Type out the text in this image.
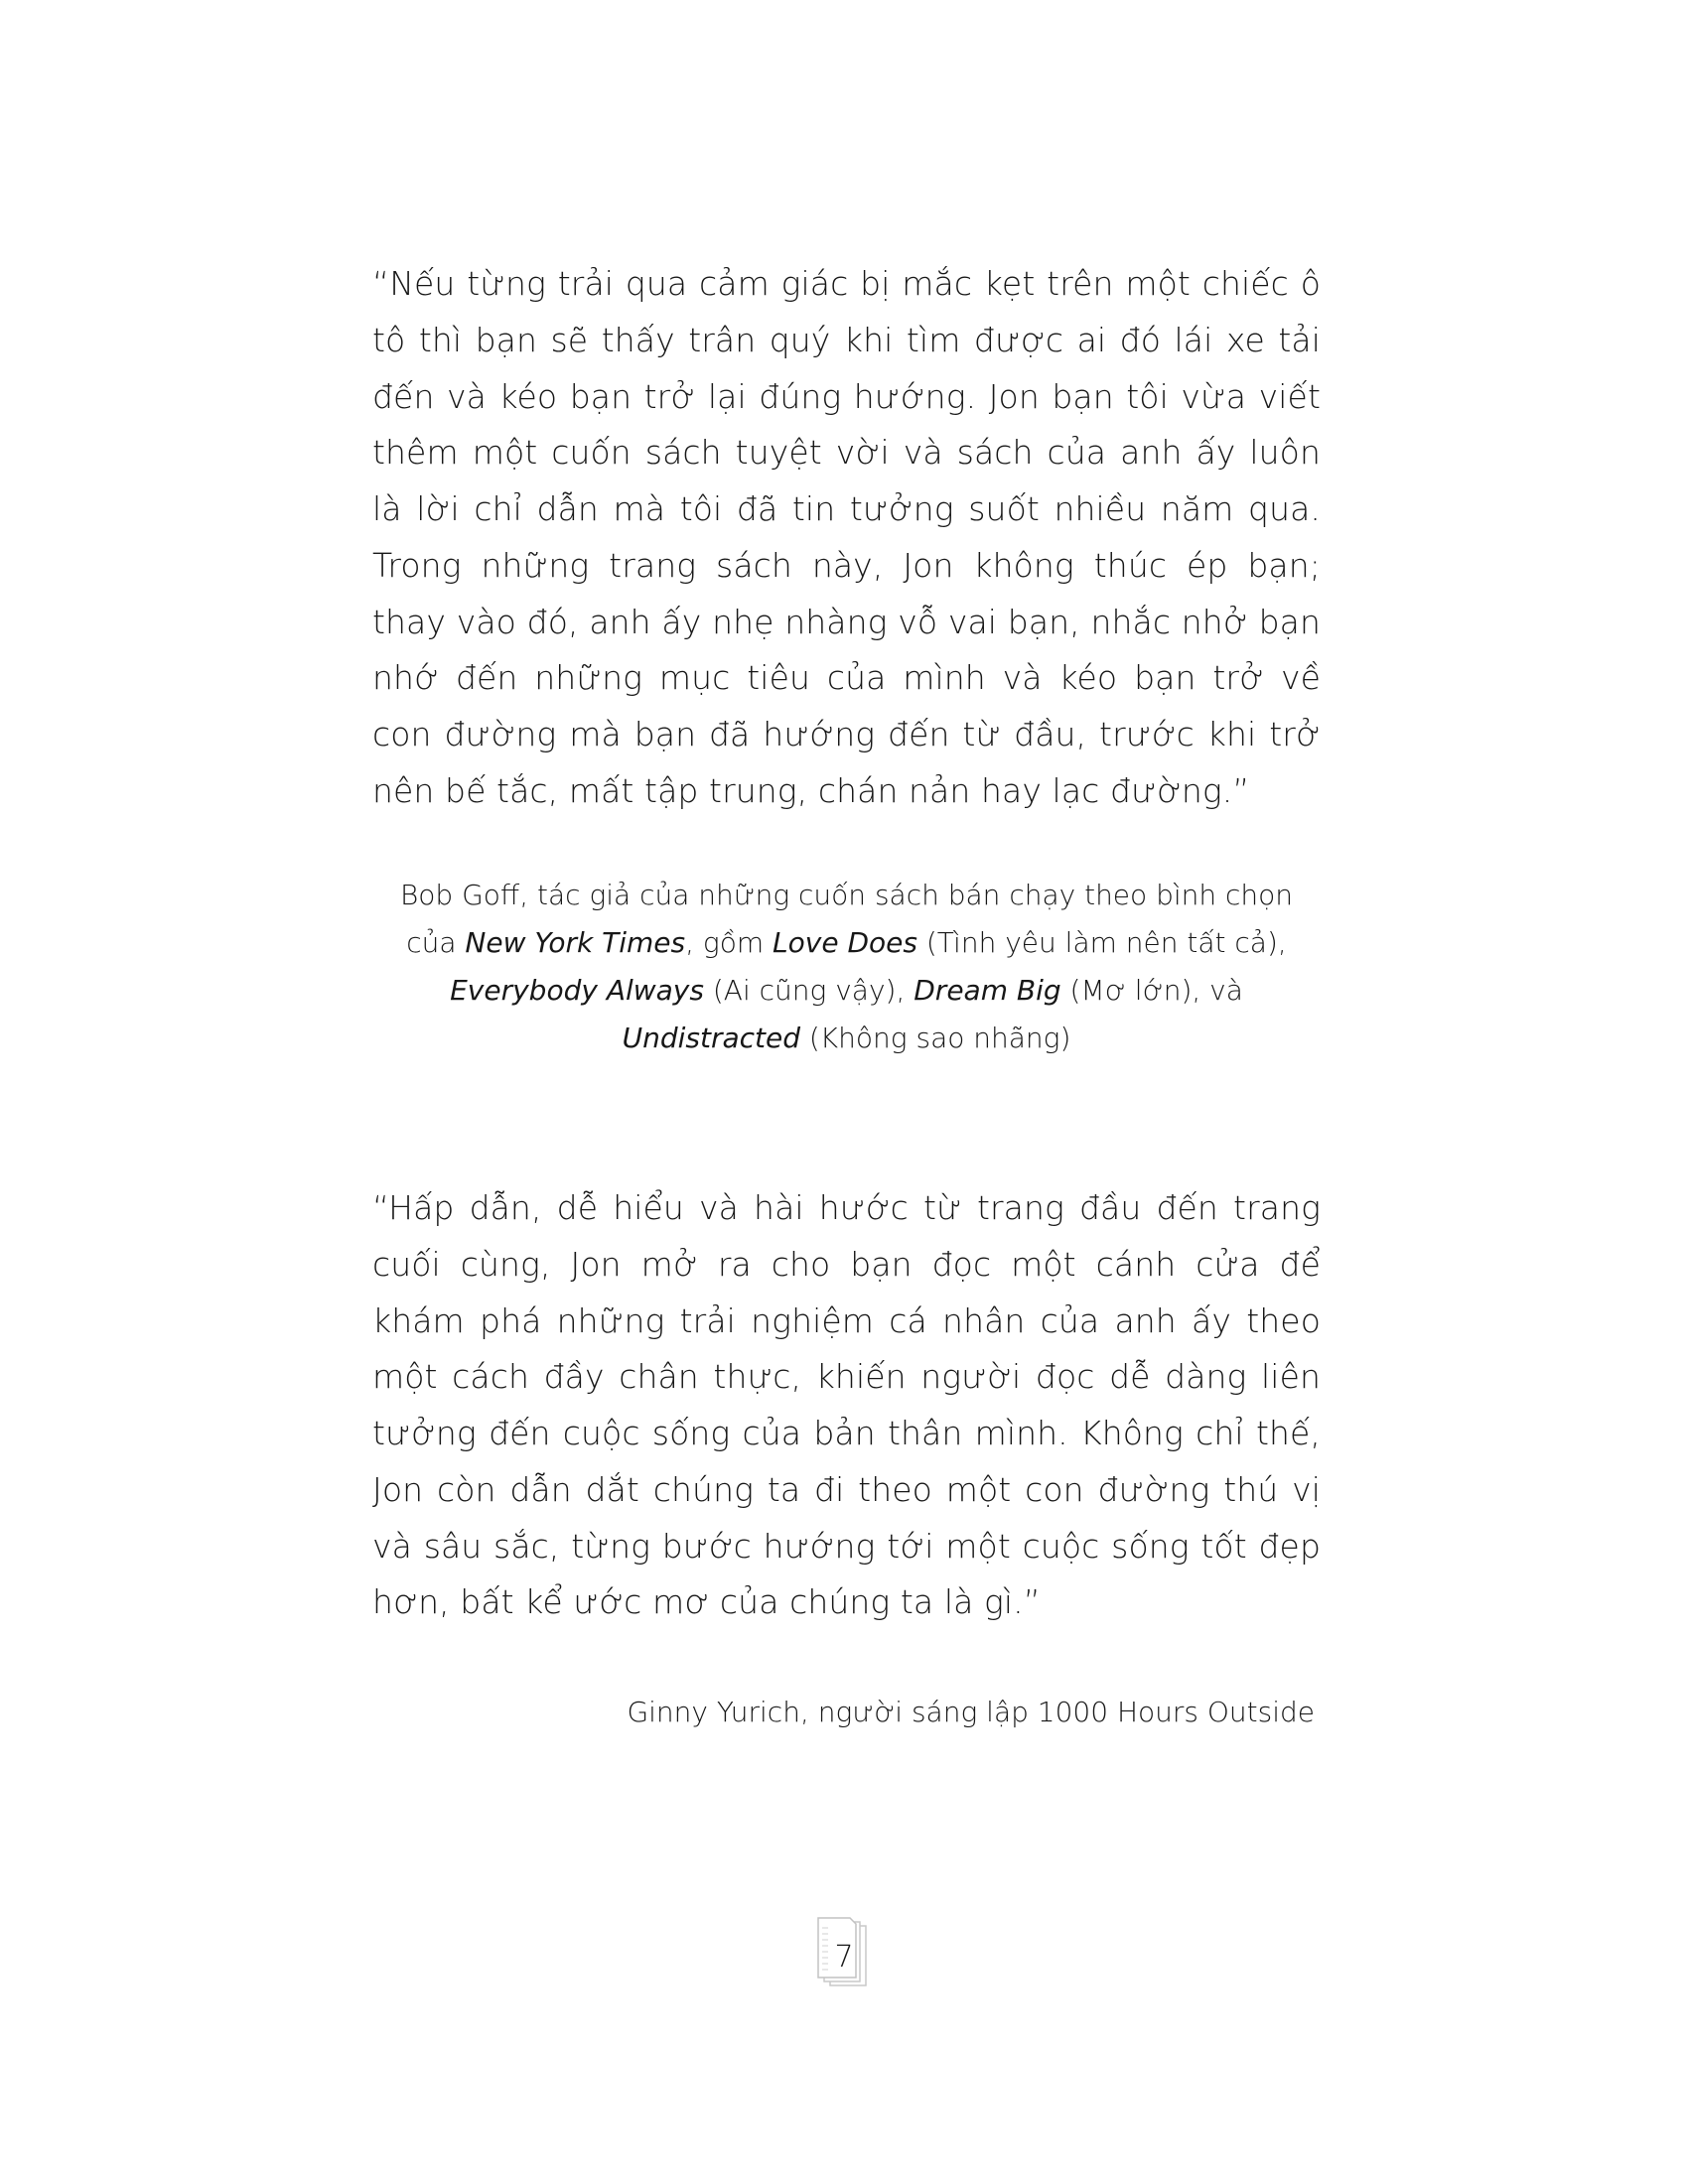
“Nếu từng trải qua cảm giác bị mắc kẹt trên một chiếc ô tô thì bạn sẽ thấy trân quý khi tìm được ai đó lái xe tải đến và kéo bạn trở lại đúng hướng. Jon bạn tôi vừa viết thêm một cuốn sách tuyệt vời và sách của anh ấy luôn là lời chỉ dẫn mà tôi đã tin tưởng suốt nhiều năm qua. Trong những trang sách này, Jon không thúc ép bạn; thay vào đó, anh ấy nhẹ nhàng vỗ vai bạn, nhắc nhở bạn nhớ đến những mục tiêu của mình và kéo bạn trở về con đường mà bạn đã hướng đến từ đầu, trước khi trở nên bế tắc, mất tập trung, chán nản hay lạc đường.”

Bob Goff, tác giả của những cuốn sách bán chạy theo bình chọn
của New York Times, gồm Love Does (Tình yêu làm nên tất cả),
Everybody Always (Ai cũng vậy), Dream Big (Mơ lớn), và
Undistracted (Không sao nhãng)

“Hấp dẫn, dễ hiểu và hài hước từ trang đầu đến trang cuối cùng, Jon mở ra cho bạn đọc một cánh cửa để khám phá những trải nghiệm cá nhân của anh ấy theo một cách đầy chân thực, khiến người đọc dễ dàng liên tưởng đến cuộc sống của bản thân mình. Không chỉ thế, Jon còn dẫn dắt chúng ta đi theo một con đường thú vị và sâu sắc, từng bước hướng tới một cuộc sống tốt đẹp hơn, bất kể ước mơ của chúng ta là gì.”

Ginny Yurich, người sáng lập 1000 Hours Outside
7
